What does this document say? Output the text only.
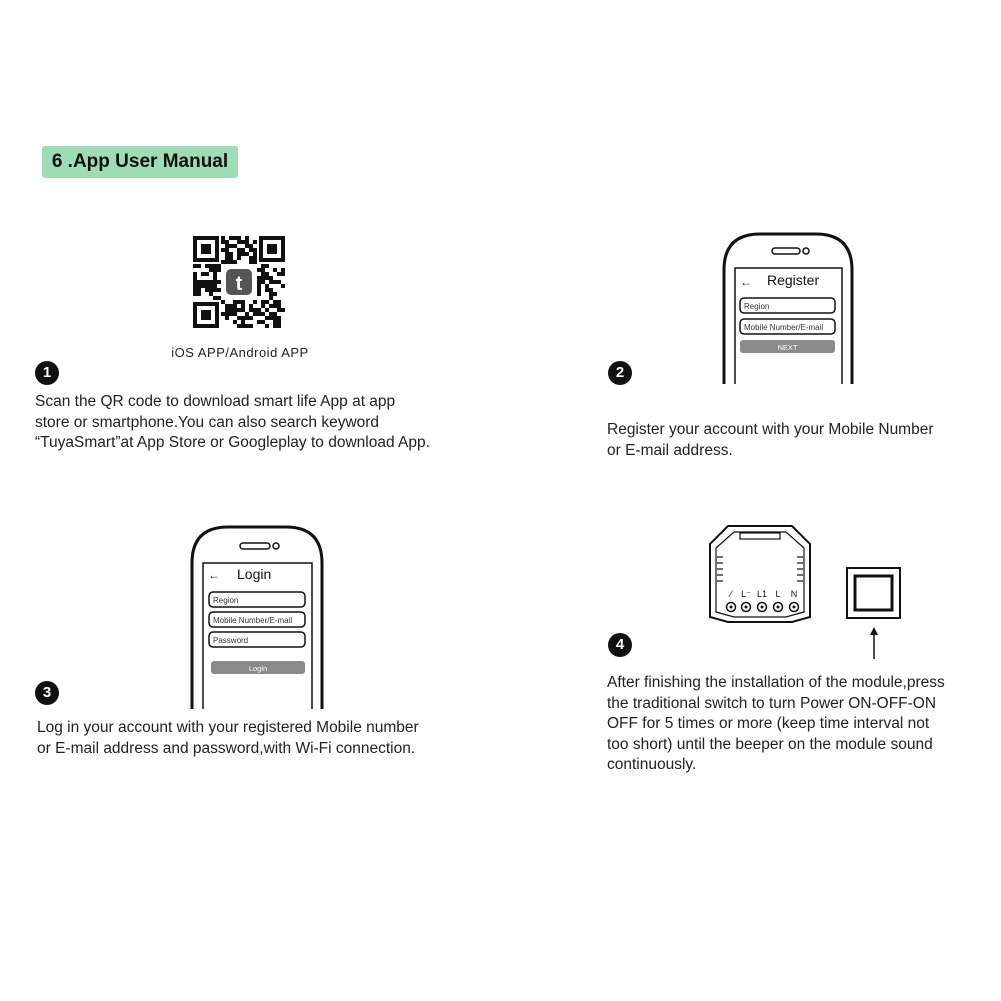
6 .App User Manual
t
iOS APP/Android APP
1
Scan the QR code to download smart life App at app
store or smartphone.You can also search keyword
“TuyaSmart”at App Store or Googleplay to download App.
← Register
Region
Mobile Number/E-mail
NEXT
2
Register your account with your Mobile Number
or E-mail address.
← Login
Region
Mobile Number/E-mail
Password
Login
3
Log in your account with your registered Mobile number
or E-mail address and password,with Wi-Fi connection.
⁄ L⁻ L1 L N
4
After finishing the installation of the module,press
the traditional switch to turn Power ON-OFF-ON
OFF for 5 times or more (keep time interval not
too short) until the beeper on the module sound
continuously.
